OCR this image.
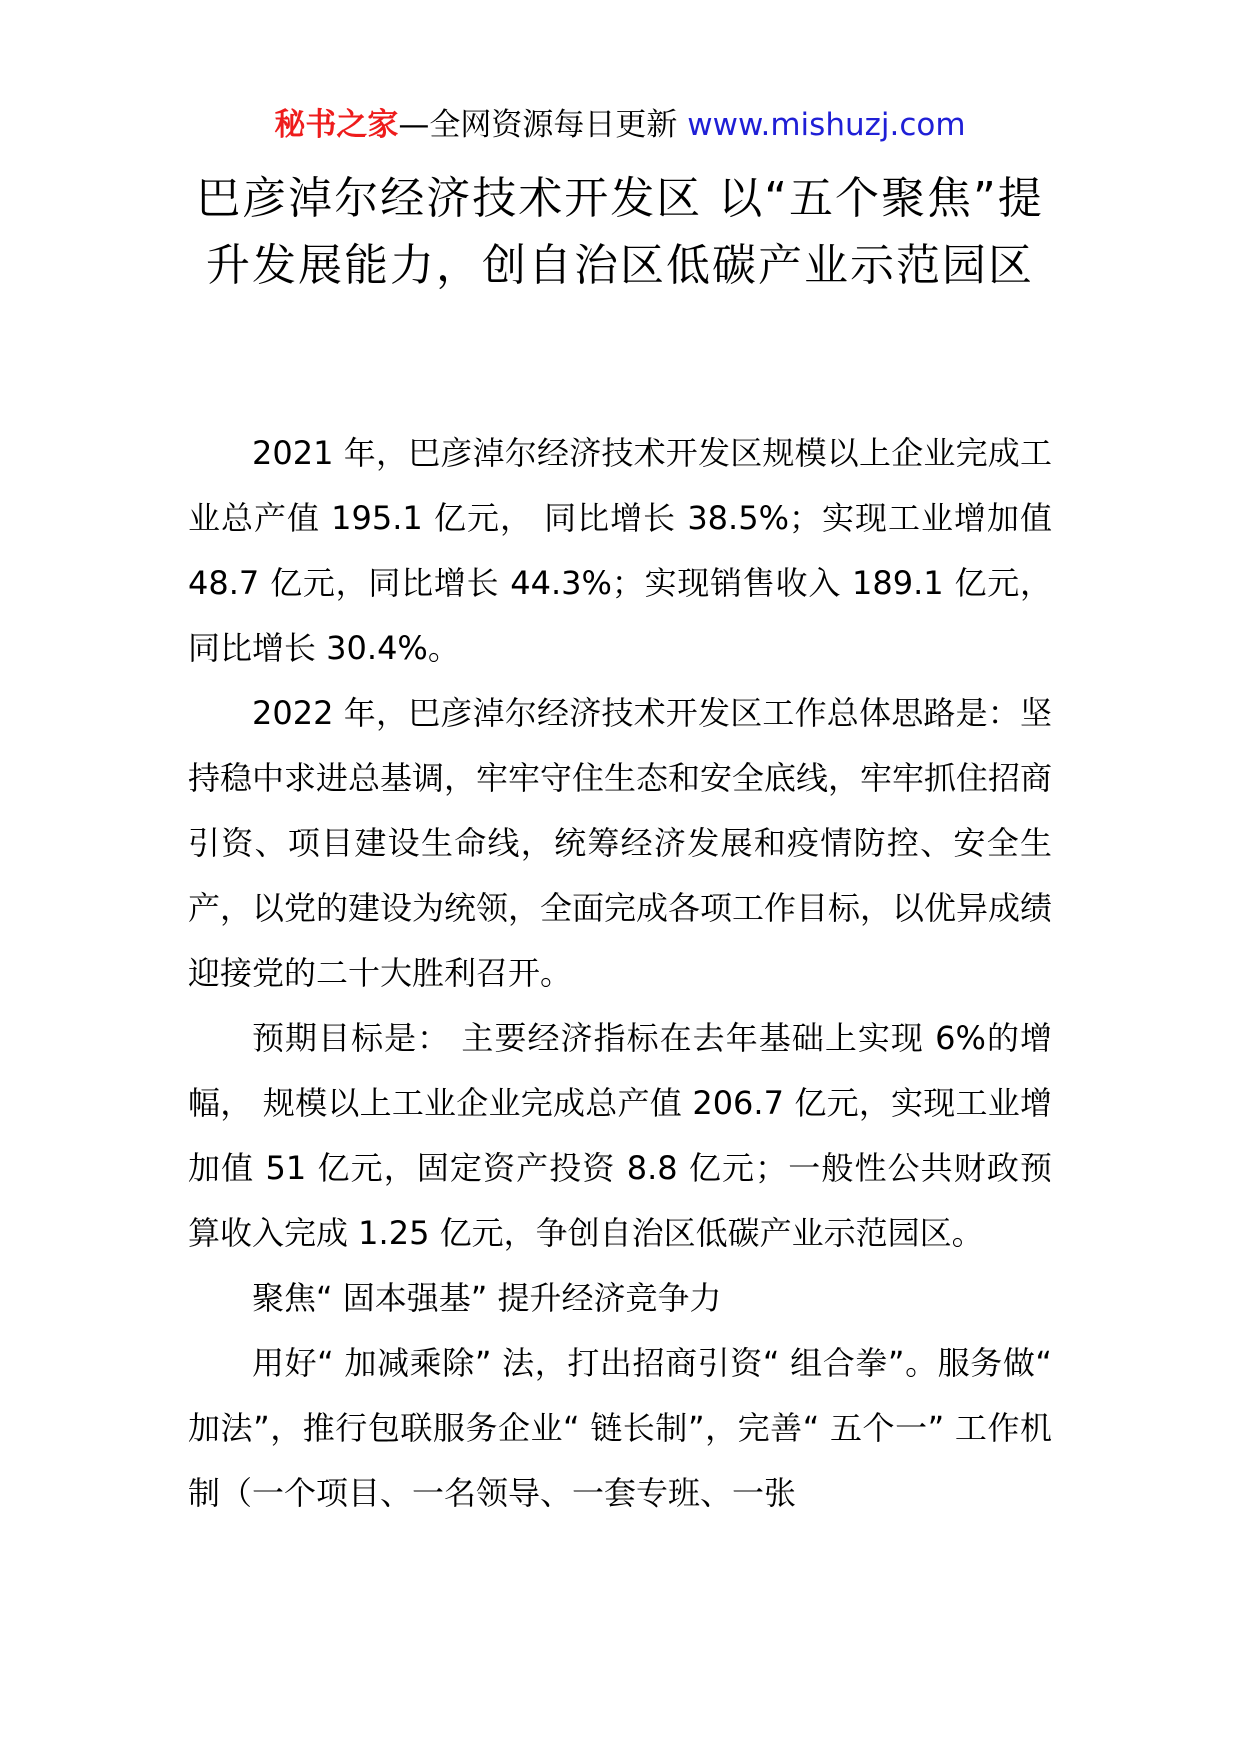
秘书之家—全网资源每日更新 www.mishuzj.com
巴彦淖尔经济技术开发区 以“五个聚焦”提升发展能力，创自治区低碳产业示范园区

2021 年，巴彦淖尔经济技术开发区规模以上企业完成工业总产值 195.1 亿元， 同比增长 38.5%；实现工业增加值 48.7 亿元，同比增长 44.3%；实现销售收入 189.1 亿元，同比增长 30.4%。

2022 年，巴彦淖尔经济技术开发区工作总体思路是：坚持稳中求进总基调，牢牢守住生态和安全底线，牢牢抓住招商引资、项目建设生命线，统筹经济发展和疫情防控、安全生产，以党的建设为统领，全面完成各项工作目标，以优异成绩迎接党的二十大胜利召开。

预期目标是： 主要经济指标在去年基础上实现 6%的增幅， 规模以上工业企业完成总产值 206.7 亿元，实现工业增加值 51 亿元，固定资产投资 8.8 亿元；一般性公共财政预算收入完成 1.25 亿元，争创自治区低碳产业示范园区。

聚焦“ 固本强基” 提升经济竞争力

用好“ 加减乘除” 法，打出招商引资“ 组合拳”。服务做“ 加法”，推行包联服务企业“ 链长制”，完善“ 五个一” 工作机制（一个项目、一名领导、一套专班、一张
